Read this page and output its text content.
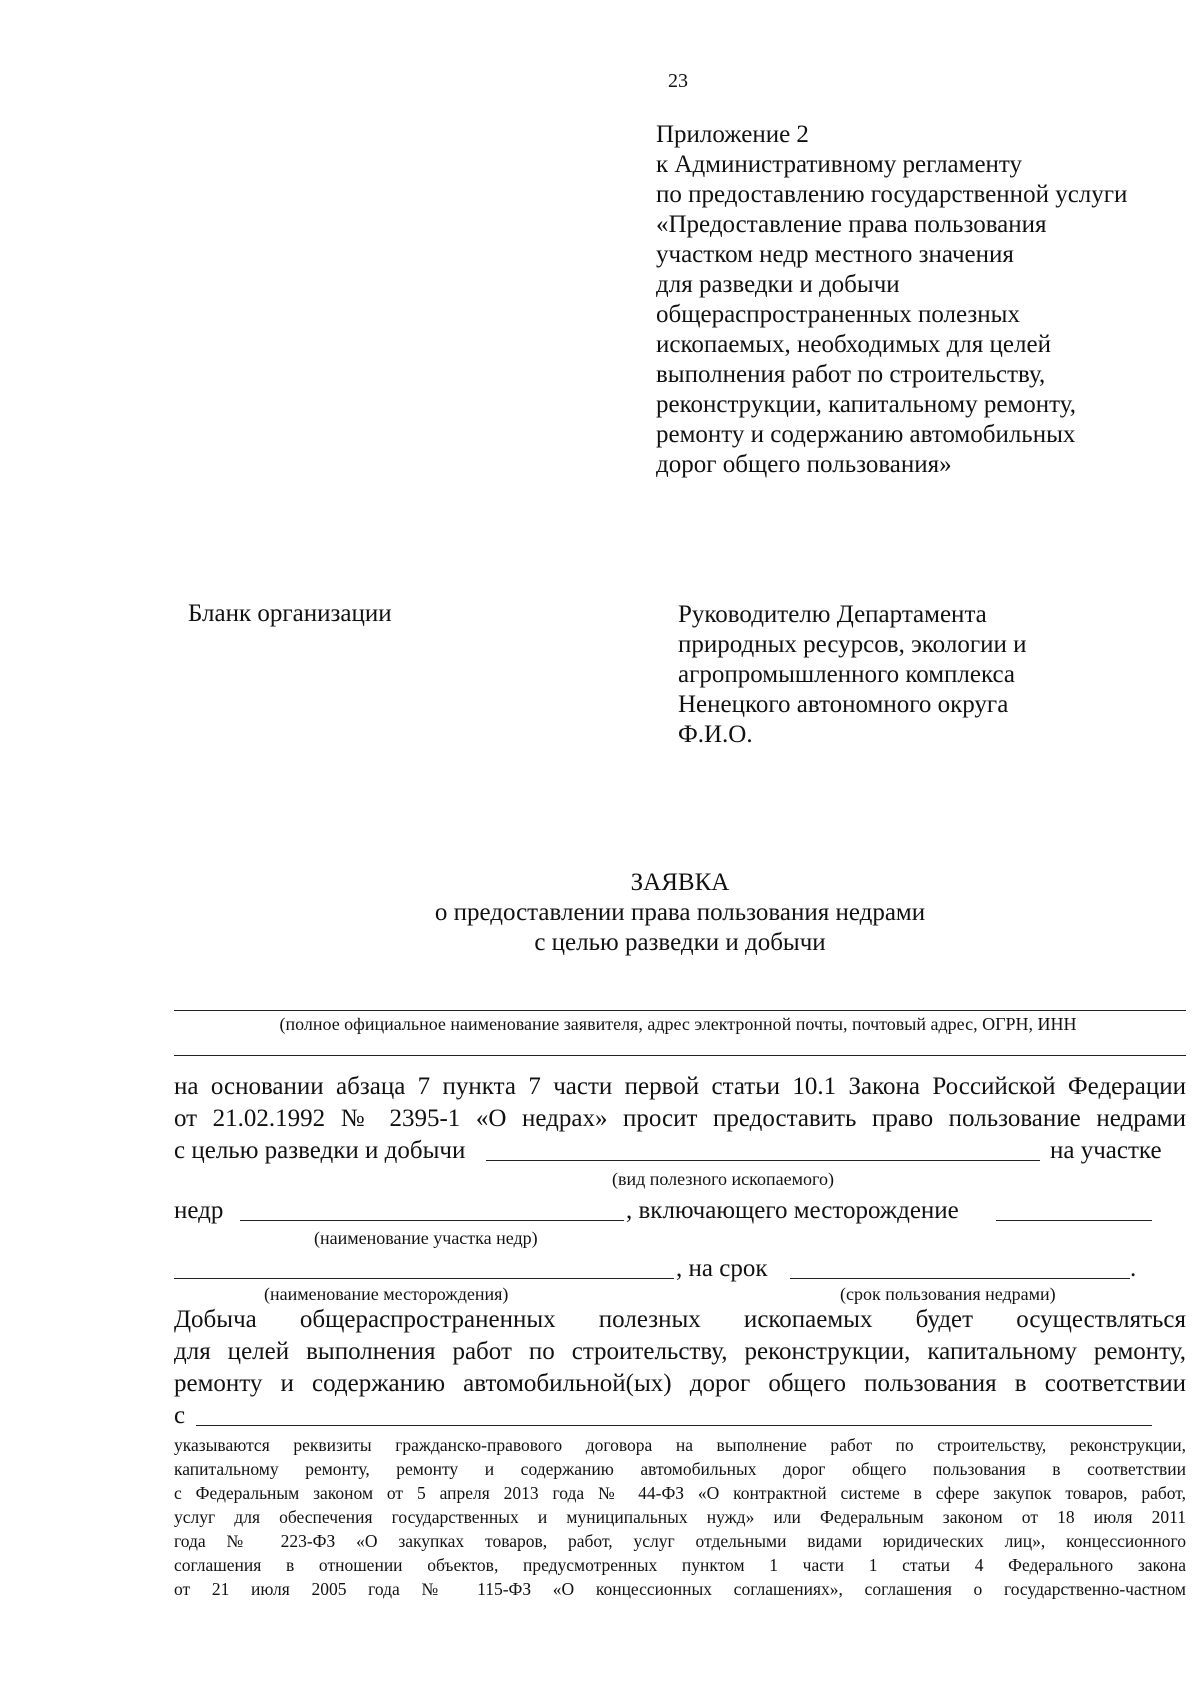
23
Приложение 2
к Административному регламенту
по предоставлению государственной услуги
«Предоставление права пользования
участком недр местного значения
для разведки и добычи
общераспространенных полезных
ископаемых, необходимых для целей
выполнения работ по строительству,
реконструкции, капитальному ремонту,
ремонту и содержанию автомобильных
дорог общего пользования»
Бланк организации	Руководителю Департамента
природных ресурсов, экологии и
агропромышленного комплекса
Ненецкого автономного округа
Ф.И.О.
ЗАЯВКА
о предоставлении права пользования недрами
с целью разведки и добычи
(полное официальное наименование заявителя, адрес электронной почты, почтовый адрес, ОГРН, ИНН
на основании абзаца 7 пункта 7 части первой статьи 10.1 Закона Российской Федерации
от 21.02.1992 № 2395-1 «О недрах» просит предоставить право пользование недрами
с целью разведки и добычи	на участке
(вид полезного ископаемого)
недр	, включающего месторождение
(наименование участка недр)
, на срок	.
(наименование месторождения)	(срок пользования недрами)
Добыча общераспространенных полезных ископаемых будет осуществляться
для целей выполнения работ по строительству, реконструкции, капитальному ремонту,
ремонту и содержанию автомобильной(ых) дорог общего пользования в соответствии
с
указываются реквизиты гражданско-правового договора на выполнение работ по строительству, реконструкции,
капитальному ремонту, ремонту и содержанию автомобильных дорог общего пользования в соответствии
с Федеральным законом от 5 апреля 2013 года № 44-ФЗ «О контрактной системе в сфере закупок товаров, работ,
услуг для обеспечения государственных и муниципальных нужд» или Федеральным законом от 18 июля 2011
года № 223-ФЗ «О закупках товаров, работ, услуг отдельными видами юридических лиц», концессионного
соглашения в отношении объектов, предусмотренных пунктом 1 части 1 статьи 4 Федерального закона
от 21 июля 2005 года № 115-ФЗ «О концессионных соглашениях», соглашения о государственно-частном
